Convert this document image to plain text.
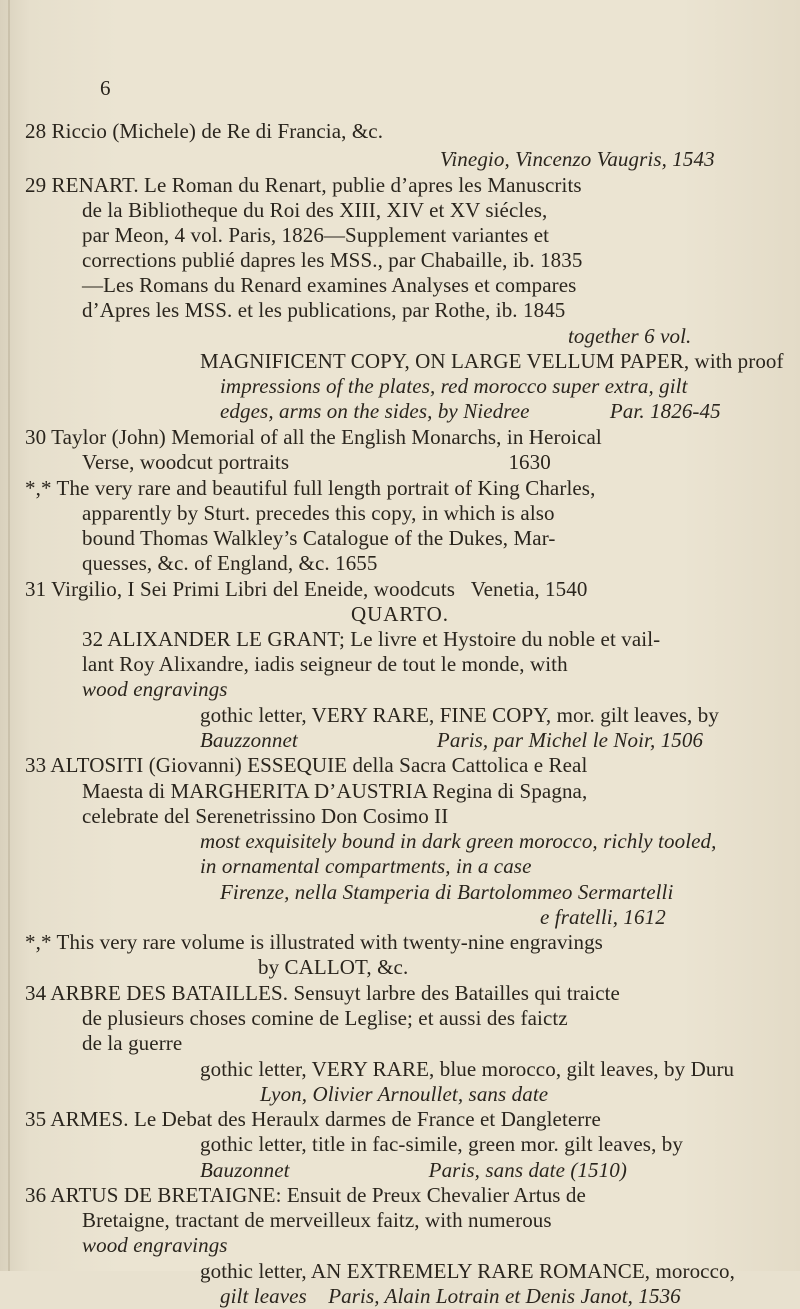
6
28 Riccio (Michele) de Re di Francia, &c.
Vinegio, Vincenzo Vaugris, 1543
29 RENART. Le Roman du Renart, publie d’apres les Manuscrits
de la Bibliotheque du Roi des XIII, XIV et XV siécles,
par Meon, 4 vol. Paris, 1826—Supplement variantes et
corrections publié dapres les MSS., par Chabaille, ib. 1835
—Les Romans du Renard examines Analyses et compares
d’Apres les MSS. et les publications, par Rothe, ib. 1845
together 6 vol.
MAGNIFICENT COPY, ON LARGE VELLUM PAPER, with proof
impressions of the plates, red morocco super extra, gilt
edges, arms on the sides, by Niedree               Par. 1826-45
30 Taylor (John) Memorial of all the English Monarchs, in Heroical
Verse, woodcut portraits                                         1630
*,* The very rare and beautiful full length portrait of King Charles,
apparently by Sturt. precedes this copy, in which is also
bound Thomas Walkley’s Catalogue of the Dukes, Mar-
quesses, &c. of England, &c. 1655
31 Virgilio, I Sei Primi Libri del Eneide, woodcuts   Venetia, 1540
32 ALIXANDER LE GRANT; Le livre et Hystoire du noble et vail-
lant Roy Alixandre, iadis seigneur de tout le monde, with
wood engravings
gothic letter, VERY RARE, FINE COPY, mor. gilt leaves, by
Bauzzonnet                          Paris, par Michel le Noir, 1506
33 ALTOSITI (Giovanni) ESSEQUIE della Sacra Cattolica e Real
Maesta di MARGHERITA D’AUSTRIA Regina di Spagna,
celebrate del Serenetrissino Don Cosimo II
most exquisitely bound in dark green morocco, richly tooled,
in ornamental compartments, in a case
Firenze, nella Stamperia di Bartolommeo Sermartelli
e fratelli, 1612
*,* This very rare volume is illustrated with twenty-nine engravings
by CALLOT, &c.
34 ARBRE DES BATAILLES. Sensuyt larbre des Batailles qui traicte
de plusieurs choses comine de Leglise; et aussi des faictz
de la guerre
gothic letter, VERY RARE, blue morocco, gilt leaves, by Duru
Lyon, Olivier Arnoullet, sans date
35 ARMES. Le Debat des Heraulx darmes de France et Dangleterre
gothic letter, title in fac-simile, green mor. gilt leaves, by
Bauzonnet                          Paris, sans date (1510)
36 ARTUS DE BRETAIGNE: Ensuit de Preux Chevalier Artus de
Bretaigne, tractant de merveilleux faitz, with numerous
wood engravings
gothic letter, AN EXTREMELY RARE ROMANCE, morocco,
gilt leaves    Paris, Alain Lotrain et Denis Janot, 1536
QUARTO.
